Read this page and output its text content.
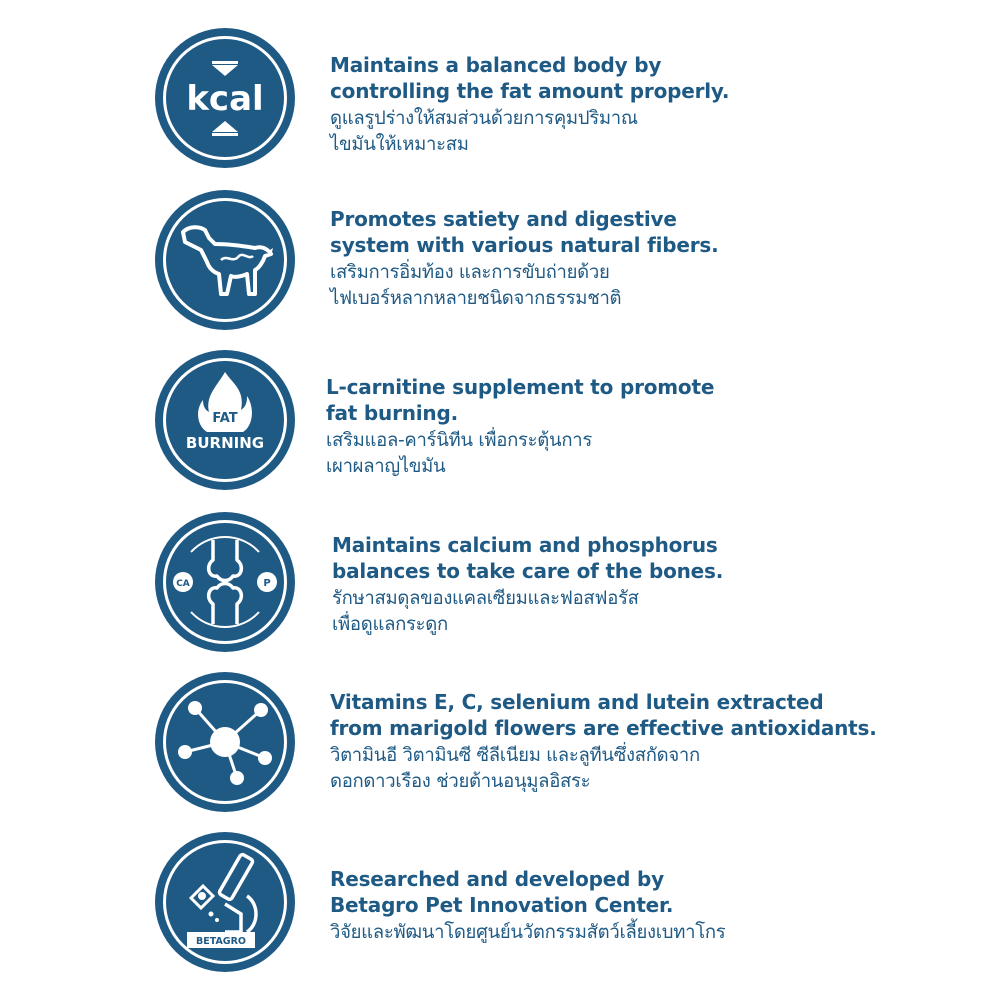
kcal
Maintains a balanced body by
controlling the fat amount properly.
ดูแลรูปร่างให้สมส่วนด้วยการคุมปริมาณ
ไขมันให้เหมาะสม
Promotes satiety and digestive
system with various natural fibers.
เสริมการอิ่มท้อง และการขับถ่ายด้วย
ไฟเบอร์หลากหลายชนิดจากธรรมชาติ
FAT
BURNING
L-carnitine supplement to promote
fat burning.
เสริมแอล-คาร์นิทีน เพื่อกระตุ้นการ
เผาผลาญไขมัน
CA	P
Maintains calcium and phosphorus
balances to take care of the bones.
รักษาสมดุลของแคลเซียมและฟอสฟอรัส
เพื่อดูแลกระดูก
Vitamins E, C, selenium and lutein extracted
from marigold flowers are effective antioxidants.
วิตามินอี วิตามินซี ซีลีเนียม และลูทีนซึ่งสกัดจาก
ดอกดาวเรือง ช่วยต้านอนุมูลอิสระ
BETAGRO
Researched and developed by
Betagro Pet Innovation Center.
วิจัยและพัฒนาโดยศูนย์นวัตกรรมสัตว์เลี้ยงเบทาโกร
